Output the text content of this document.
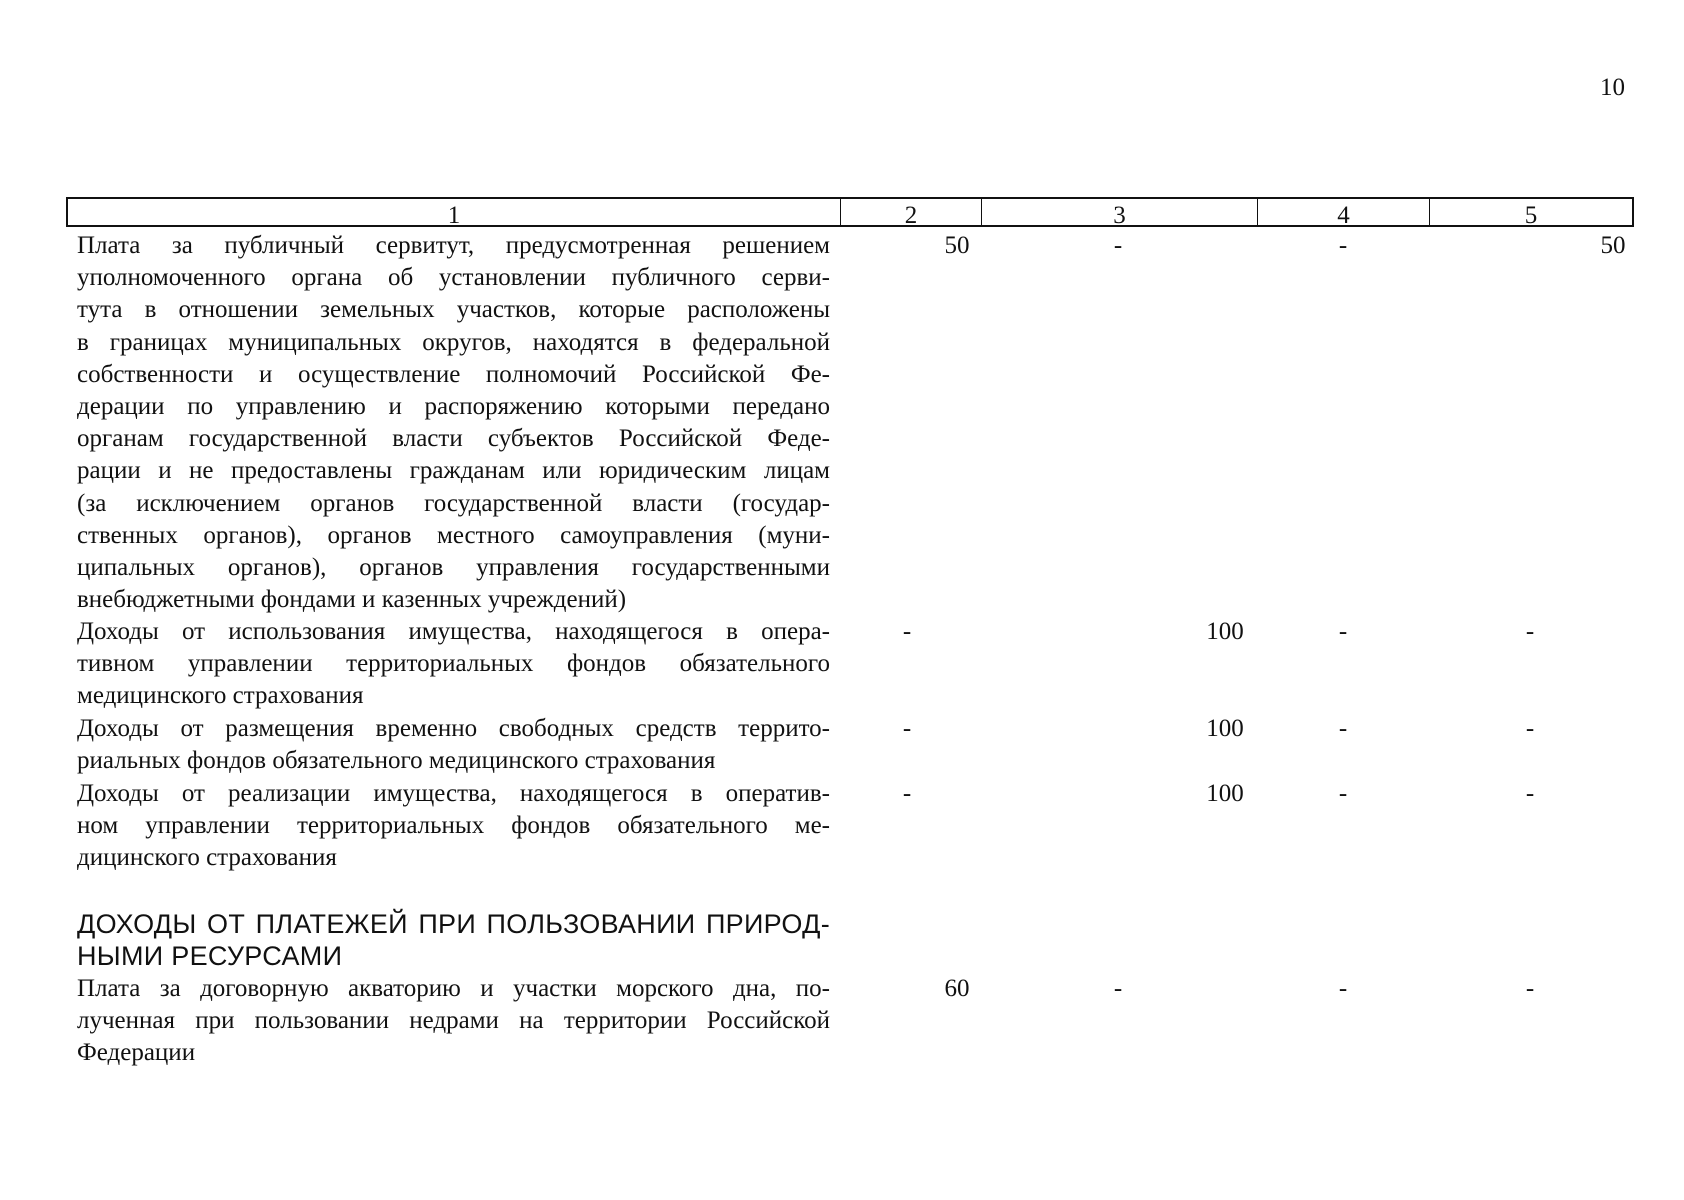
10
1	2	3	4	5
Плата за публичный сервитут, предусмотренная решением
уполномоченного органа об установлении публичного серви-
тута в отношении земельных участков, которые расположены
в границах муниципальных округов, находятся в федеральной
собственности и осуществление полномочий Российской Фе-
дерации по управлению и распоряжению которыми передано
органам государственной власти субъектов Российской Феде-
рации и не предоставлены гражданам или юридическим лицам
(за исключением органов государственной власти (государ-
ственных органов), органов местного самоуправления (муни-
ципальных органов), органов управления государственными
внебюджетными фондами и казенных учреждений)
50	-	-	50
Доходы от использования имущества, находящегося в опера-
тивном управлении территориальных фондов обязательного
медицинского страхования
-	100	-	-
Доходы от размещения временно свободных средств террито-
риальных фондов обязательного медицинского страхования
-	100	-	-
Доходы от реализации имущества, находящегося в оператив-
ном управлении территориальных фондов обязательного ме-
дицинского страхования
-	100	-	-
ДОХОДЫ ОТ ПЛАТЕЖЕЙ ПРИ ПОЛЬЗОВАНИИ ПРИРОД-
НЫМИ РЕСУРСАМИ
Плата за договорную акваторию и участки морского дна, по-
лученная при пользовании недрами на территории Российской
Федерации
60	-	-	-
